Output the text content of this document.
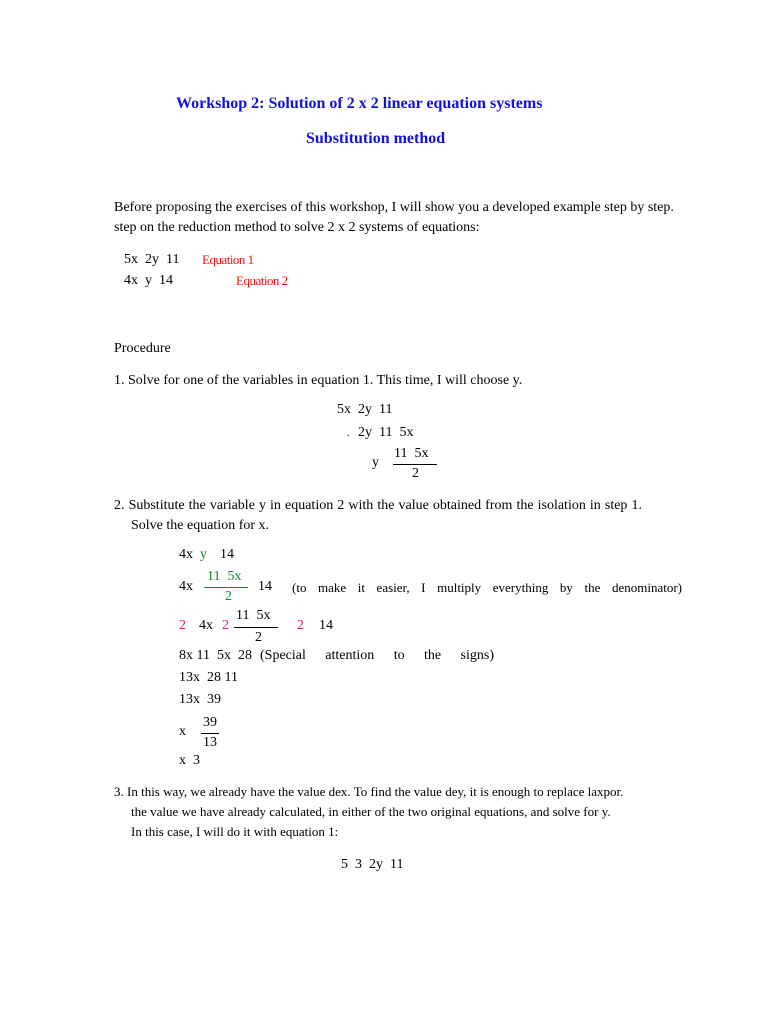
Workshop 2: Solution of 2 x 2 linear equation systems
Substitution method
Before proposing the exercises of this workshop, I will show you a developed example step by step.
step on the reduction method to solve 2 x 2 systems of equations:
5x  2y  11 Equation 1
4x  y  14	Equation 2
Procedure
1. Solve for one of the variables in equation 1. This time, I will choose y.
5x  2y  11
. 2y  11  5x
y
11  5x
2
2. Substitute the variable y in equation 2 with the value obtained from the isolation in step 1.
Solve the equation for x.
4x y 14
4x
11  5x
2
14 (to make it easier, I multiply everything by the denominator)
2 4x 2
11  5x
2
2 14
8x 11  5x  28 (Special attention to the signs)
13x  28 11
13x  39
x
39
13
x  3
3. In this way, we already have the value dex. To find the value dey, it is enough to replace laxpor.
the value we have already calculated, in either of the two original equations, and solve for y.
In this case, I will do it with equation 1:
5  3  2y  11
